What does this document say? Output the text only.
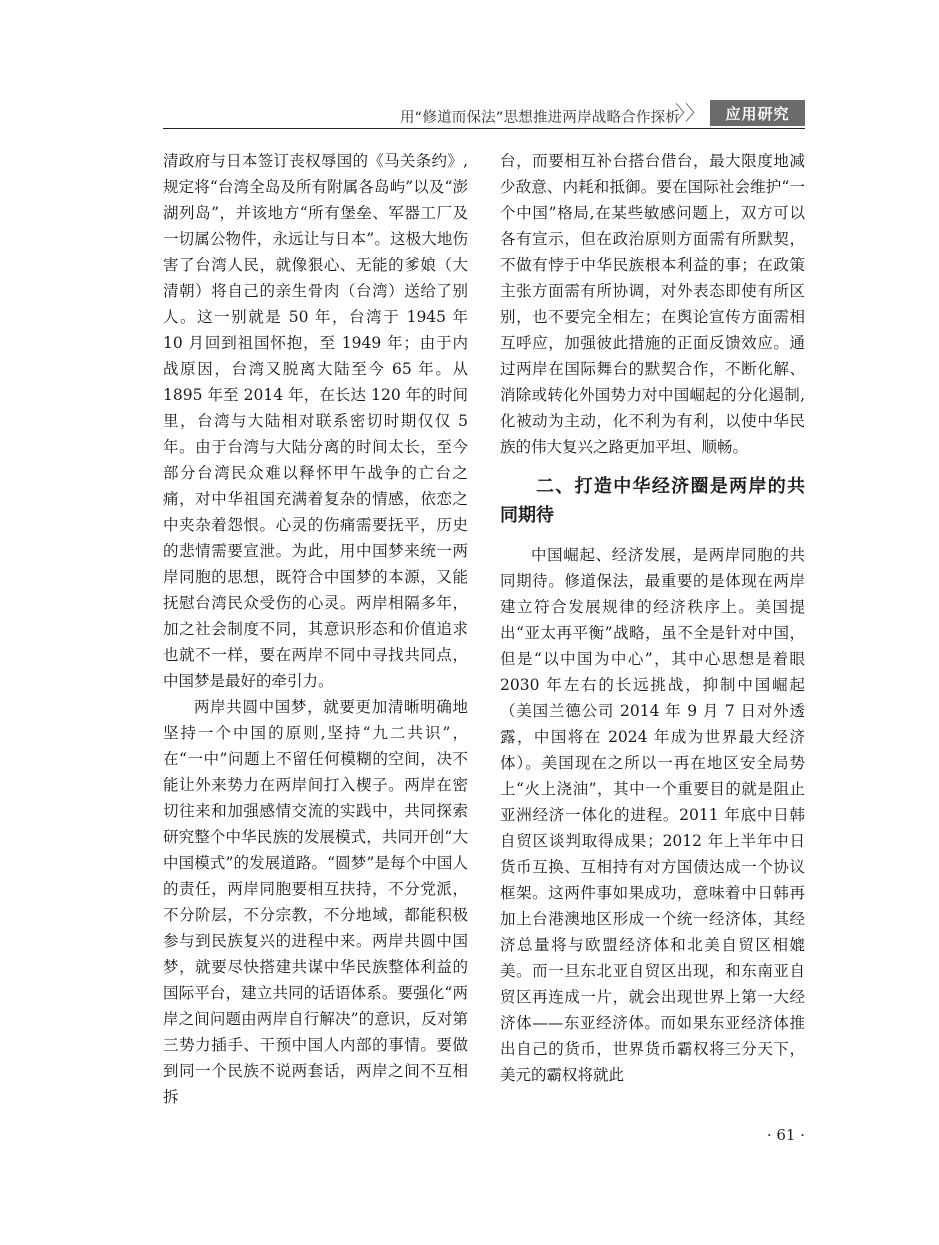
用“修道而保法”思想推进两岸战略合作探析
〉〉	应用研究

清政府与日本签订丧权辱国的《马关条约》,规定将“台湾全岛及所有附属各岛屿”以及“澎湖列岛”，并该地方“所有堡垒、军器工厂及一切属公物件，永远让与日本”。这极大地伤害了台湾人民，就像狠心、无能的爹娘（大清朝）将自己的亲生骨肉（台湾）送给了别人。这一别就是 50 年，台湾于 1945 年 10 月回到祖国怀抱，至 1949 年；由于内战原因，台湾又脱离大陆至今 65 年。从 1895 年至 2014 年，在长达 120 年的时间里，台湾与大陆相对联系密切时期仅仅 5 年。由于台湾与大陆分离的时间太长，至今部分台湾民众难以释怀甲午战争的亡台之痛，对中华祖国充满着复杂的情感，依恋之中夹杂着怨恨。心灵的伤痛需要抚平，历史的悲情需要宣泄。为此，用中国梦来统一两岸同胞的思想，既符合中国梦的本源，又能抚慰台湾民众受伤的心灵。两岸相隔多年，加之社会制度不同，其意识形态和价值追求也就不一样，要在两岸不同中寻找共同点，中国梦是最好的牵引力。

两岸共圆中国梦，就要更加清晰明确地坚持一个中国的原则,坚持“九二共识”，在“一中”问题上不留任何模糊的空间，决不能让外来势力在两岸间打入楔子。两岸在密切往来和加强感情交流的实践中，共同探索研究整个中华民族的发展模式，共同开创“大中国模式”的发展道路。“圆梦”是每个中国人的责任，两岸同胞要相互扶持，不分党派，不分阶层，不分宗教，不分地域，都能积极参与到民族复兴的进程中来。两岸共圆中国梦，就要尽快搭建共谋中华民族整体利益的国际平台，建立共同的话语体系。要强化“两岸之间问题由两岸自行解决”的意识，反对第三势力插手、干预中国人内部的事情。要做到同一个民族不说两套话，两岸之间不互相拆

台，而要相互补台搭台借台，最大限度地减少敌意、内耗和抵御。要在国际社会维护“一个中国”格局,在某些敏感问题上，双方可以各有宣示，但在政治原则方面需有所默契，不做有悖于中华民族根本利益的事；在政策主张方面需有所协调，对外表态即使有所区别，也不要完全相左；在舆论宣传方面需相互呼应，加强彼此措施的正面反馈效应。通过两岸在国际舞台的默契合作，不断化解、消除或转化外国势力对中国崛起的分化遏制,化被动为主动，化不利为有利，以使中华民族的伟大复兴之路更加平坦、顺畅。

二、打造中华经济圈是两岸的共同期待

中国崛起、经济发展，是两岸同胞的共同期待。修道保法，最重要的是体现在两岸建立符合发展规律的经济秩序上。美国提出“亚太再平衡”战略，虽不全是针对中国，但是“以中国为中心”，其中心思想是着眼 2030 年左右的长远挑战，抑制中国崛起（美国兰德公司 2014 年 9 月 7 日对外透露，中国将在 2024 年成为世界最大经济体）。美国现在之所以一再在地区安全局势上“火上浇油”，其中一个重要目的就是阻止亚洲经济一体化的进程。2011 年底中日韩自贸区谈判取得成果；2012 年上半年中日货币互换、互相持有对方国债达成一个协议框架。这两件事如果成功，意味着中日韩再加上台港澳地区形成一个统一经济体，其经济总量将与欧盟经济体和北美自贸区相媲美。而一旦东北亚自贸区出现，和东南亚自贸区再连成一片，就会出现世界上第一大经济体——东亚经济体。而如果东亚经济体推出自己的货币，世界货币霸权将三分天下，美元的霸权将就此

· 61 ·
